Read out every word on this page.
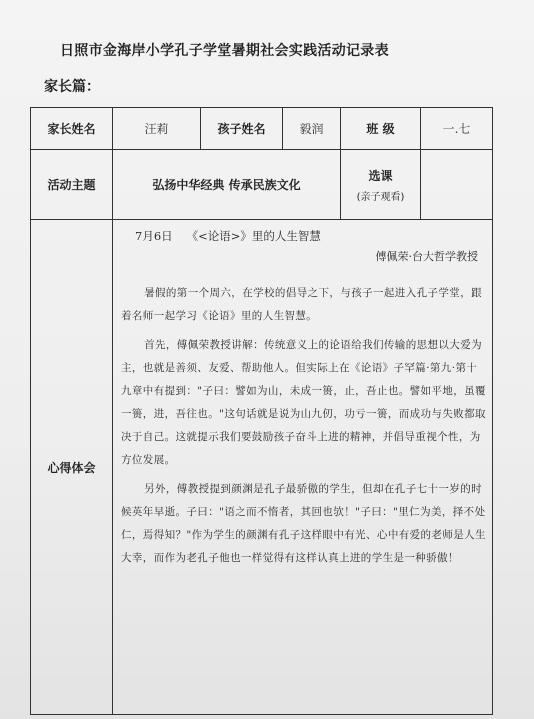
日照市金海岸小学孔子学堂暑期社会实践活动记录表
家长篇：
家长姓名	汪莉	孩子姓名	毅润	班 级	一.七
活动主题	弘扬中华经典 传承民族文化			选课
(亲子观看)	

心得体会	7月6日 《<论语>》里的人生智慧
傅佩荣·台大哲学教授

暑假的第一个周六，在学校的倡导之下，与孩子一起进入孔子学堂，跟着名师一起学习《论语》里的人生智慧。

首先，傅佩荣教授讲解：传统意义上的论语给我们传输的思想以大爱为主，也就是善须、友爱、帮助他人。但实际上在《论语》子罕篇·第九·第十九章中有提到："子曰：譬如为山，未成一篑，止，吾止也。譬如平地，虽覆一篑，进，吾往也。"这句话就是说为山九仞，功亏一篑，而成功与失败都取决于自己。这就提示我们要鼓励孩子奋斗上进的精神，并倡导重视个性，为方位发展。

另外，傅教授提到颜渊是孔子最骄傲的学生，但却在孔子七十一岁的时候英年早逝。子曰："语之而不惰者，其回也欤！"子曰："里仁为美，择不处仁，焉得知？"作为学生的颜渊有孔子这样眼中有光、心中有爱的老师是人生大幸，而作为老孔子他也一样觉得有这样认真上进的学生是一种骄傲！				
